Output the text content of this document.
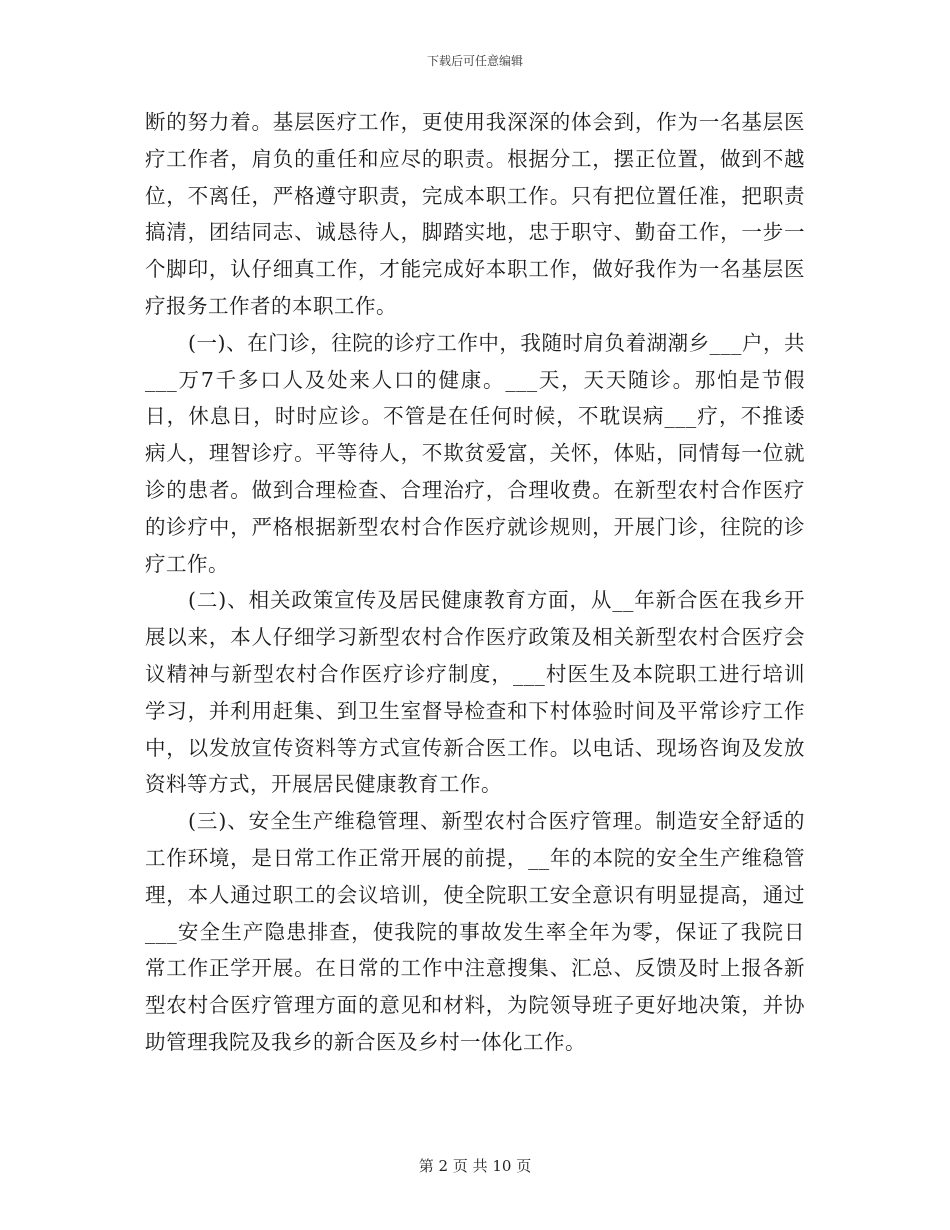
下载后可任意编辑

断的努力着。基层医疗工作，更使用我深深的体会到，作为一名基层医疗工作者，肩负的重任和应尽的职责。根据分工，摆正位置，做到不越位，不离任，严格遵守职责，完成本职工作。只有把位置任准，把职责搞清，团结同志、诚恳待人，脚踏实地，忠于职守、勤奋工作，一步一个脚印，认仔细真工作，才能完成好本职工作，做好我作为一名基层医疗报务工作者的本职工作。

(一)、在门诊，往院的诊疗工作中，我随时肩负着湖潮乡___户，共___万7千多口人及处来人口的健康。___天，天天随诊。那怕是节假日，休息日，时时应诊。不管是在任何时候，不耽误病___疗，不推诿病人，理智诊疗。平等待人，不欺贫爱富，关怀，体贴，同情每一位就诊的患者。做到合理检查、合理治疗，合理收费。在新型农村合作医疗的诊疗中，严格根据新型农村合作医疗就诊规则，开展门诊，往院的诊疗工作。

(二)、相关政策宣传及居民健康教育方面，从__年新合医在我乡开展以来，本人仔细学习新型农村合作医疗政策及相关新型农村合医疗会议精神与新型农村合作医疗诊疗制度，___村医生及本院职工进行培训学习，并利用赶集、到卫生室督导检查和下村体验时间及平常诊疗工作中，以发放宣传资料等方式宣传新合医工作。以电话、现场咨询及发放资料等方式，开展居民健康教育工作。

(三)、安全生产维稳管理、新型农村合医疗管理。制造安全舒适的工作环境，是日常工作正常开展的前提，__年的本院的安全生产维稳管理，本人通过职工的会议培训，使全院职工安全意识有明显提高，通过___安全生产隐患排查，使我院的事故发生率全年为零，保证了我院日常工作正学开展。在日常的工作中注意搜集、汇总、反馈及时上报各新型农村合医疗管理方面的意见和材料，为院领导班子更好地决策，并协助管理我院及我乡的新合医及乡村一体化工作。

第 2 页 共 10 页
